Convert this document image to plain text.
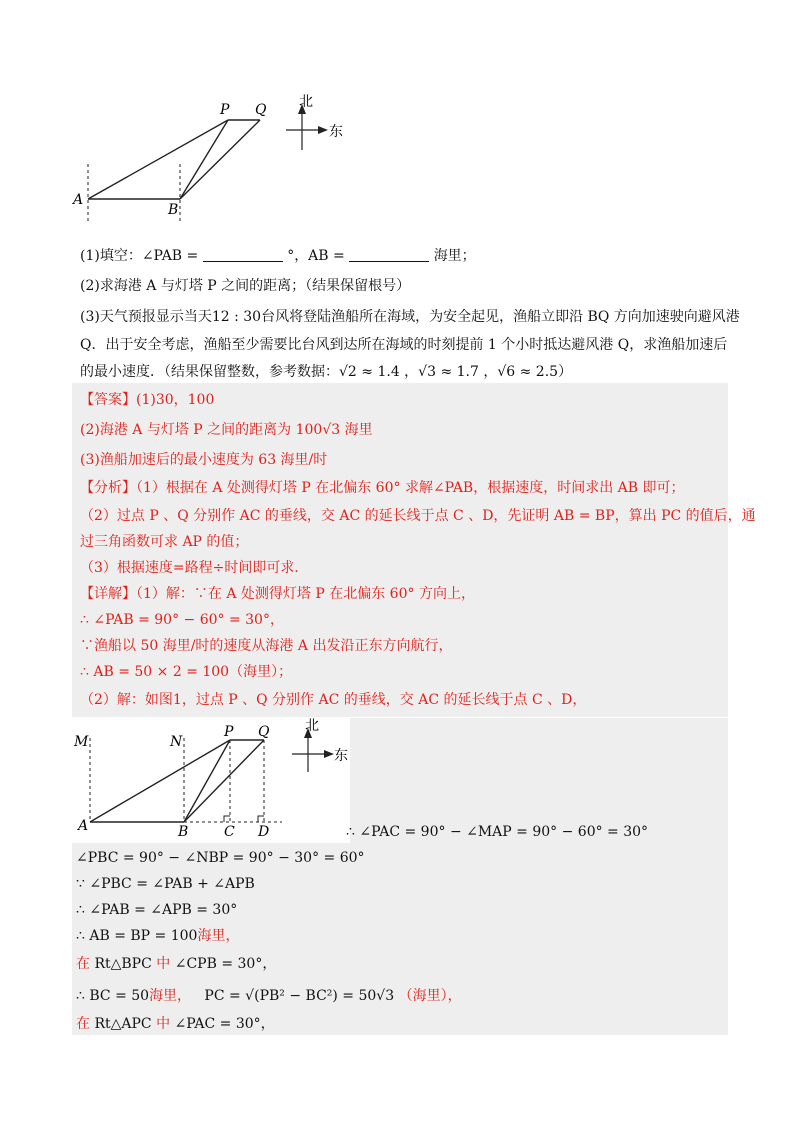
P Q
A
B
北
东
(1)填空：∠PAB =	°，AB =	海里；
(2)求海港 A 与灯塔 P 之间的距离；（结果保留根号）
(3)天气预报显示当天12 : 30台风将登陆渔船所在海域，为安全起见，渔船立即沿 BQ 方向加速驶向避风港
Q．出于安全考虑，渔船至少需要比台风到达所在海域的时刻提前 1 个小时抵达避风港 Q，求渔船加速后
的最小速度．（结果保留整数，参考数据：√2 ≈ 1.4 ，√3 ≈ 1.7 ，√6 ≈ 2.5）
【答案】(1)30，100
(2)海港 A 与灯塔 P 之间的距离为 100√3 海里
(3)渔船加速后的最小速度为 63 海里/时
【分析】（1）根据在 A 处测得灯塔 P 在北偏东 60° 求解∠PAB，根据速度，时间求出 AB 即可；
（2）过点 P 、Q 分别作 AC 的垂线，交 AC 的延长线于点 C 、D，先证明 AB = BP，算出 PC 的值后，通
过三角函数可求 AP 的值；
（3）根据速度=路程÷时间即可求．
【详解】（1）解：∵在 A 处测得灯塔 P 在北偏东 60° 方向上，
∴ ∠PAB = 90° − 60° = 30°，
∵渔船以 50 海里/时的速度从海港 A 出发沿正东方向航行，
∴ AB = 50 × 2 = 100（海里）；
（2）解：如图1，过点 P 、Q 分别作 AC 的垂线，交 AC 的延长线于点 C 、D，
M	N
P Q
A	B	C D
北
东
∴ ∠PAC = 90° − ∠MAP = 90° − 60° = 30°
∠PBC = 90° − ∠NBP = 90° − 30° = 60°
∵ ∠PBC = ∠PAB + ∠APB
∴ ∠PAB = ∠APB = 30°
∴ AB = BP = 100海里，
在 Rt△BPC 中 ∠CPB = 30°，
∴ BC = 50海里， PC = √(PB² − BC²) = 50√3 （海里），
在 Rt△APC 中 ∠PAC = 30°，
